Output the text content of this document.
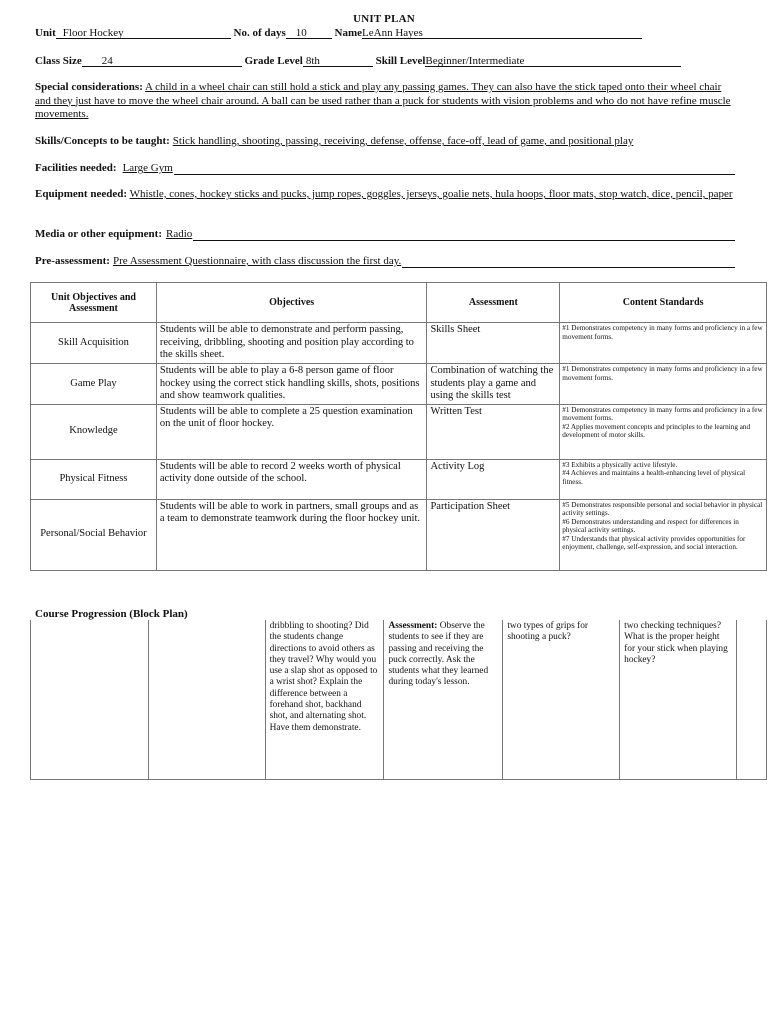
UNIT PLAN
Unit Floor Hockey	No. of days 10	NameLeAnn Hayes
Class Size 24	Grade Level 8th	Skill LevelBeginner/Intermediate
Special considerations: A child in a wheel chair can still hold a stick and play any passing games. They can also have the stick taped onto their wheel chair and they just have to move the wheel chair around. A ball can be used rather than a puck for students with vision problems and who do not have refine muscle movements.
Skills/Concepts to be taught: Stick handling, shooting, passing, receiving, defense, offense, face-off, lead of game, and positional play
Facilities needed: Large Gym
Equipment needed: Whistle, cones, hockey sticks and pucks, jump ropes, goggles, jerseys, goalie nets, hula hoops, floor mats, stop watch, dice, pencil, paper
Media or other equipment: Radio
Pre-assessment: Pre Assessment Questionnaire, with class discussion the first day.
Unit Objectives and Assessment	Objectives	Assessment	Content Standards
Skill Acquisition	Students will be able to demonstrate and perform passing, receiving, dribbling, shooting and position play according to the skills sheet.	Skills Sheet	#1 Demonstrates competency in many forms and proficiency in a few movement forms.
Game Play	Students will be able to play a 6-8 person game of floor hockey using the correct stick handling skills, shots, positions and show teamwork qualities.	Combination of watching the students play a game and using the skills test	#1 Demonstrates competency in many forms and proficiency in a few movement forms.
Knowledge	Students will be able to complete a 25 question examination on the unit of floor hockey.	Written Test	#1 Demonstrates competency in many forms and proficiency in a few movement forms.
#2 Applies movement concepts and principles to the learning and development of motor skills.
Physical Fitness	Students will be able to record 2 weeks worth of physical activity done outside of the school.	Activity Log	#3 Exhibits a physically active lifestyle.
#4 Achieves and maintains a health-enhancing level of physical fitness.
Personal/Social Behavior	Students will be able to work in partners, small groups and as a team to demonstrate teamwork during the floor hockey unit.	Participation Sheet	#5 Demonstrates responsible personal and social behavior in physical activity settings.
#6 Demonstrates understanding and respect for differences in physical activity settings.
#7 Understands that physical activity provides opportunities for enjoyment, challenge, self-expression, and social interaction.
Course Progression (Block Plan)
		dribbling to shooting? Did the students change directions to avoid others as they travel? Why would you use a slap shot as opposed to a wrist shot? Explain the difference between a forehand shot, backhand shot, and alternating shot. Have them demonstrate.	Assessment: Observe the students to see if they are passing and receiving the puck correctly. Ask the students what they learned during today's lesson.	two types of grips for shooting a puck?	two checking techniques? What is the proper height for your stick when playing hockey?	
